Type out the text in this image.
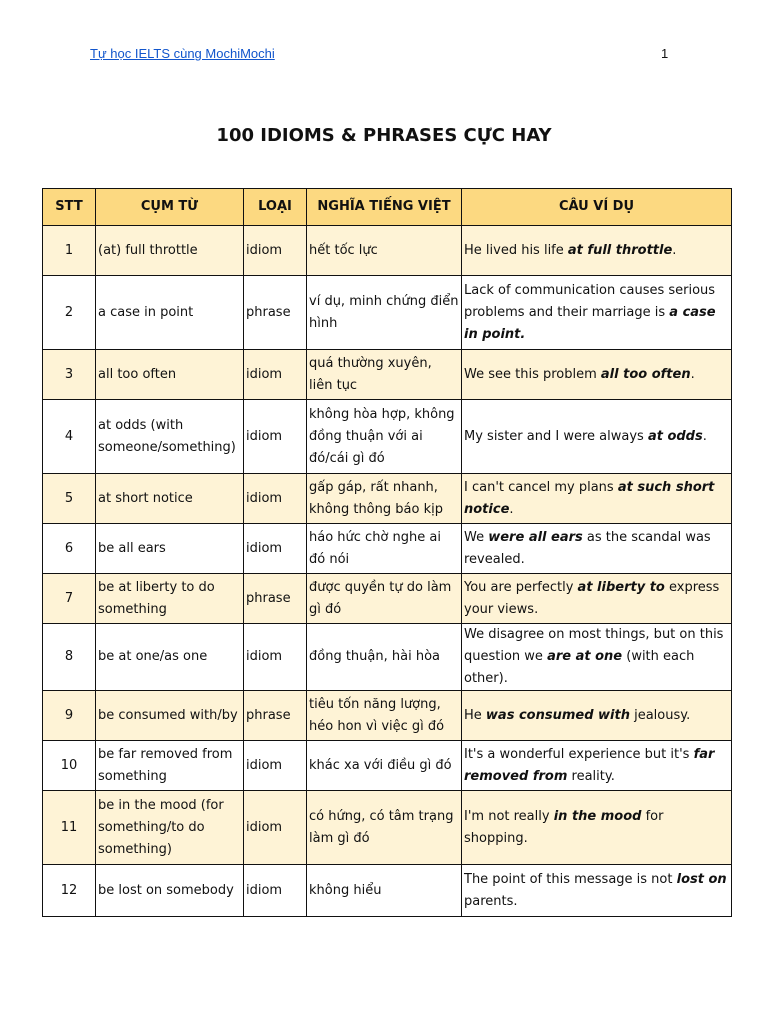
Tự học IELTS cùng MochiMochi	1
100 IDIOMS & PHRASES CỰC HAY
STT	CỤM TỪ	LOẠI	NGHĨA TIẾNG VIỆT	CÂU VÍ DỤ
1	(at) full throttle	idiom	hết tốc lực	He lived his life at full throttle.
2	a case in point	phrase	ví dụ, minh chứng điển hình	Lack of communication causes serious problems and their marriage is a case in point.
3	all too often	idiom	quá thường xuyên, liên tục	We see this problem all too often.
4	at odds (with someone/something)	idiom	không hòa hợp, không đồng thuận với ai đó/cái gì đó	My sister and I were always at odds.
5	at short notice	idiom	gấp gáp, rất nhanh, không thông báo kịp	I can't cancel my plans at such short notice.
6	be all ears	idiom	háo hức chờ nghe ai đó nói	We were all ears as the scandal was revealed.
7	be at liberty to do something	phrase	được quyền tự do làm gì đó	You are perfectly at liberty to express your views.
8	be at one/as one	idiom	đồng thuận, hài hòa	We disagree on most things, but on this question we are at one (with each other).
9	be consumed with/by	phrase	tiêu tốn năng lượng, héo hon vì việc gì đó	He was consumed with jealousy.
10	be far removed from something	idiom	khác xa với điều gì đó	It's a wonderful experience but it's far removed from reality.
11	be in the mood (for something/to do something)	idiom	có hứng, có tâm trạng làm gì đó	I'm not really in the mood for shopping.
12	be lost on somebody	idiom	không hiểu	The point of this message is not lost on parents.
